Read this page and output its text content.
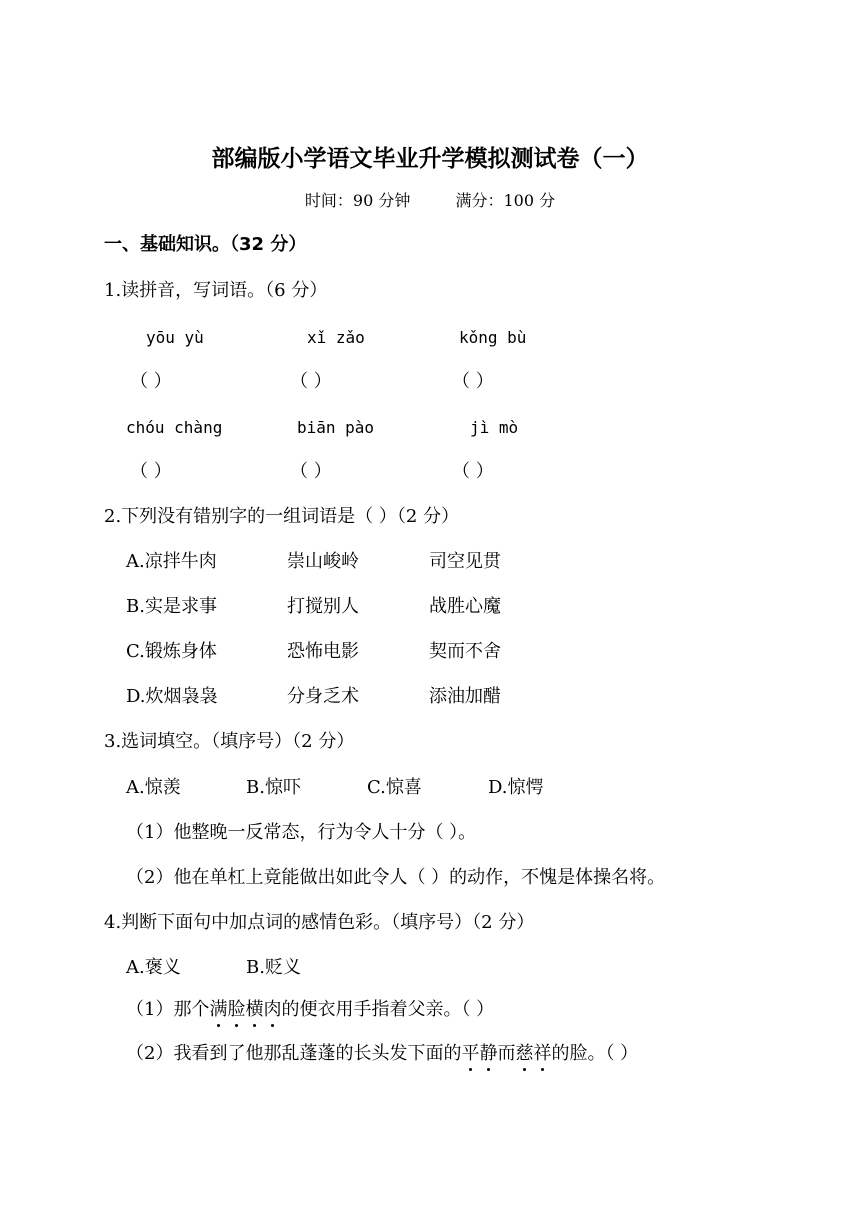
部编版小学语文毕业升学模拟测试卷（一）
时间：90 分钟	满分：100 分
一、基础知识。（32 分）
1.读拼音，写词语。（6 分）
yōu yù	xǐ zǎo	kǒng bù
（ ）	（ ）	（ ）
chóu chàng	biān pào	jì mò
（ ）	（ ）	（ ）
2.下列没有错别字的一组词语是（ ）（2 分）
A.凉拌牛肉	崇山峻岭	司空见贯
B.实是求事	打搅别人	战胜心魔
C.锻炼身体	恐怖电影	契而不舍
D.炊烟袅袅	分身乏术	添油加醋
3.选词填空。（填序号）（2 分）
A.惊羡	B.惊吓	C.惊喜	D.惊愕
（1）他整晚一反常态，行为令人十分（ ）。
（2）他在单杠上竟能做出如此令人（ ）的动作，不愧是体操名将。
4.判断下面句中加点词的感情色彩。（填序号）（2 分）
A.褒义	B.贬义
（1）那个满脸横肉的便衣用手指着父亲。（ ）
（2）我看到了他那乱蓬蓬的长头发下面的平静而慈祥的脸。（ ）
